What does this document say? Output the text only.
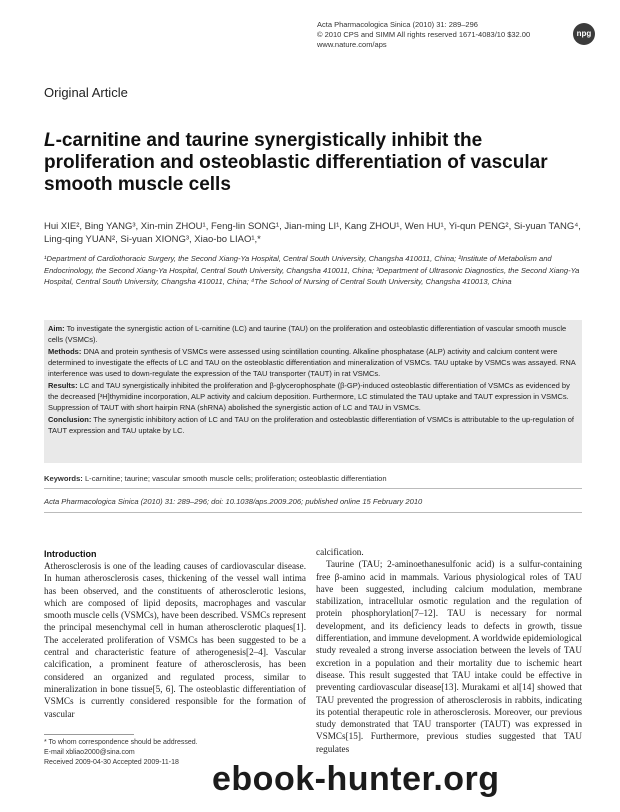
Acta Pharmacologica Sinica (2010) 31: 289–296
© 2010 CPS and SIMM All rights reserved 1671-4083/10 $32.00
www.nature.com/aps
npg
Original Article
L-carnitine and taurine synergistically inhibit the proliferation and osteoblastic differentiation of vascular smooth muscle cells
Hui XIE², Bing YANG³, Xin-min ZHOU¹, Feng-lin SONG¹, Jian-ming LI¹, Kang ZHOU¹, Wen HU¹, Yi-qun PENG², Si-yuan TANG⁴, Ling-qing YUAN², Si-yuan XIONG³, Xiao-bo LIAO¹,*
¹Department of Cardiothoracic Surgery, the Second Xiang-Ya Hospital, Central South University, Changsha 410011, China; ²Institute of Metabolism and Endocrinology, the Second Xiang-Ya Hospital, Central South University, Changsha 410011, China; ³Department of Ultrasonic Diagnostics, the Second Xiang-Ya Hospital, Central South University, Changsha 410011, China; ⁴The School of Nursing of Central South University, Changsha 410013, China

Aim: To investigate the synergistic action of L-carnitine (LC) and taurine (TAU) on the proliferation and osteoblastic differentiation of vascular smooth muscle cells (VSMCs).

Methods: DNA and protein synthesis of VSMCs were assessed using scintillation counting. Alkaline phosphatase (ALP) activity and calcium content were determined to investigate the effects of LC and TAU on the osteoblastic differentiation and mineralization of VSMCs. TAU uptake by VSMCs was assayed. RNA interference was used to down-regulate the expression of the TAU transporter (TAUT) in rat VSMCs.

Results: LC and TAU synergistically inhibited the proliferation and β-glycerophosphate (β-GP)-induced osteoblastic differentiation of VSMCs as evidenced by the decreased [³H]thymidine incorporation, ALP activity and calcium deposition. Furthermore, LC stimulated the TAU uptake and TAUT expression in VSMCs. Suppression of TAUT with short hairpin RNA (shRNA) abolished the synergistic action of LC and TAU in VSMCs.

Conclusion: The synergistic inhibitory action of LC and TAU on the proliferation and osteoblastic differentiation of VSMCs is attributable to the up-regulation of TAUT expression and TAU uptake by LC.

Keywords: L-carnitine; taurine; vascular smooth muscle cells; proliferation; osteoblastic differentiation
Acta Pharmacologica Sinica (2010) 31: 289–296; doi: 10.1038/aps.2009.206; published online 15 February 2010
Introduction
Atherosclerosis is one of the leading causes of cardiovascular disease. In human atherosclerosis cases, thickening of the vessel wall intima has been observed, and the constituents of atherosclerotic lesions, which are composed of lipid deposits, macrophages and vascular smooth muscle cells (VSMCs), have been described. VSMCs represent the principal mesenchymal cell in human atherosclerotic plaques[1]. The accelerated proliferation of VSMCs has been suggested to be a central and characteristic feature of atherogenesis[2–4]. Vascular calcification, a prominent feature of atherosclerosis, has been considered an organized and regulated process, similar to mineralization in bone tissue[5, 6]. The osteoblastic differentiation of VSMCs is currently considered responsible for the formation of vascular
calcification.
Taurine (TAU; 2-aminoethanesulfonic acid) is a sulfur-containing free β-amino acid in mammals. Various physiological roles of TAU have been suggested, including calcium modulation, membrane stabilization, intracellular osmotic regulation and the regulation of protein phosphorylation[7–12]. TAU is necessary for normal development, and its deficiency leads to defects in growth, tissue differentiation, and immune development. A worldwide epidemiological study revealed a strong inverse association between the levels of TAU excretion in a population and their mortality due to ischemic heart disease. This result suggested that TAU intake could be effective in preventing cardiovascular disease[13]. Murakami et al[14] showed that TAU prevented the progression of atherosclerosis in rabbits, indicating its potential therapeutic role in atherosclerosis. Moreover, our previous study demonstrated that TAU transporter (TAUT) was expressed in VSMCs[15]. Furthermore, previous studies suggested that TAU regulates
* To whom correspondence should be addressed.
E-mail xbliao2000@sina.com
Received 2009-04-30 Accepted 2009-11-18 ebook-hunter.org
